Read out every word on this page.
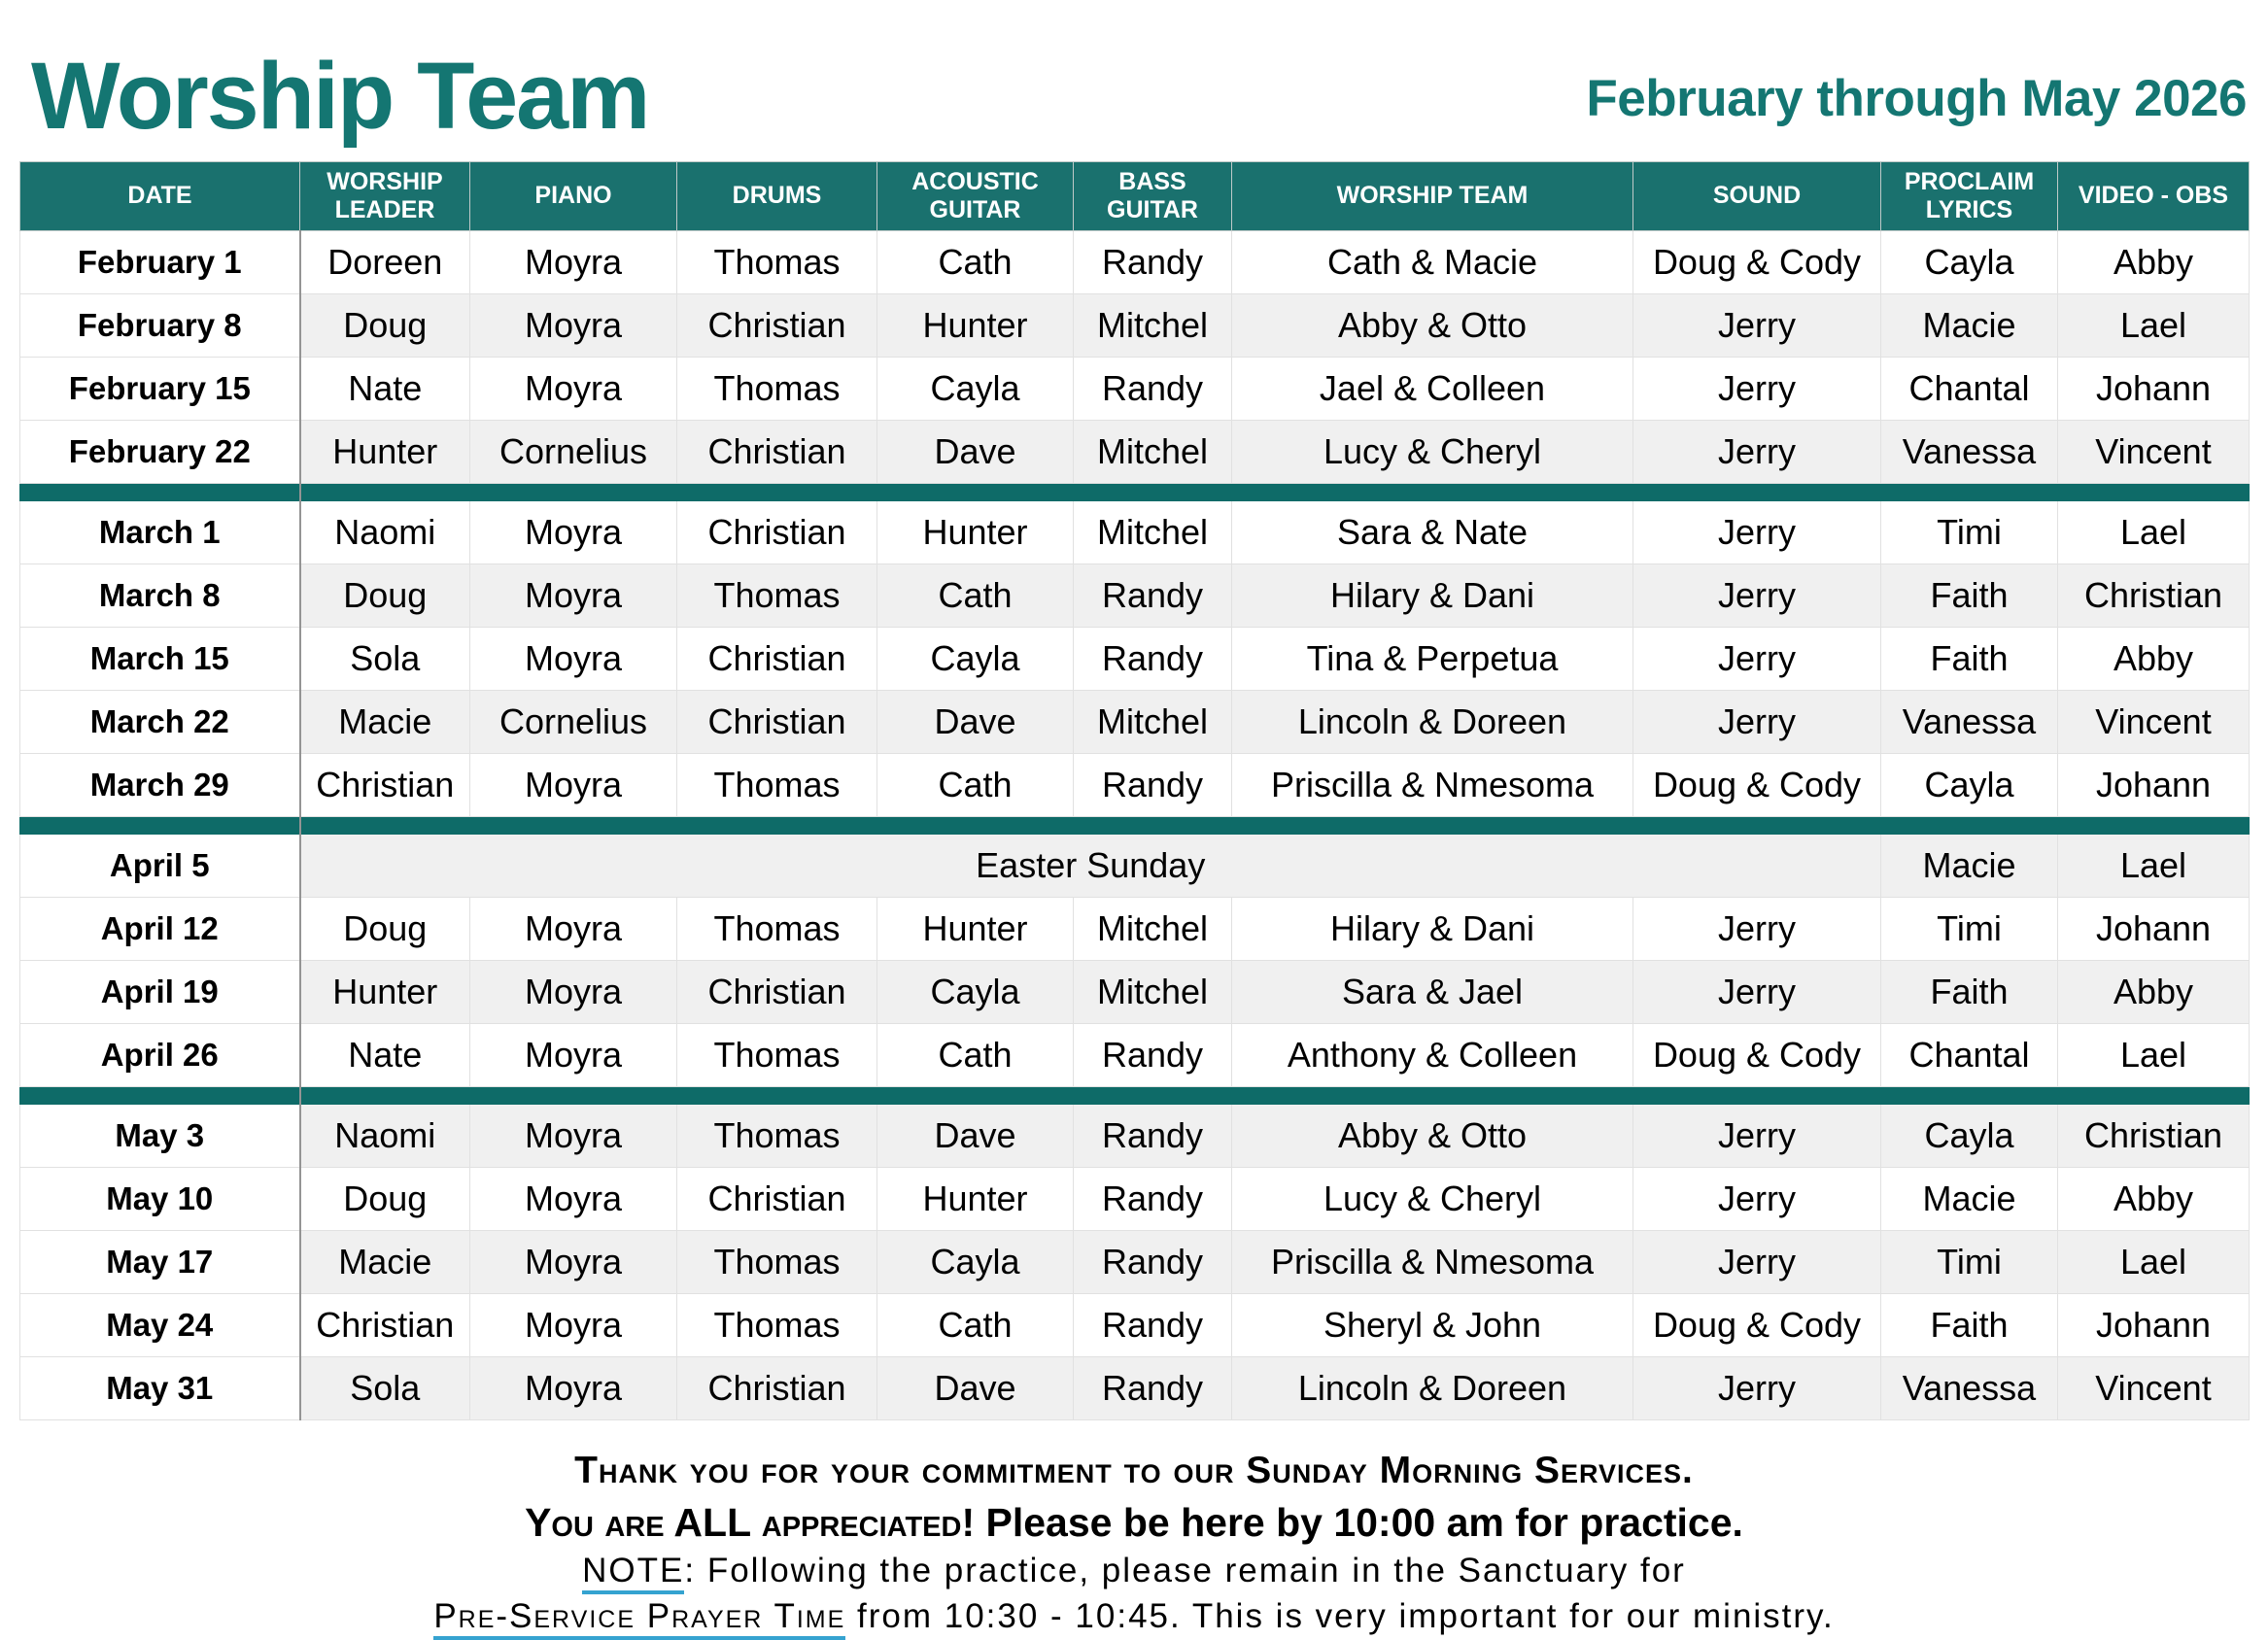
Worship Team	February through May 2026

DATE	WORSHIP LEADER	PIANO	DRUMS	ACOUSTIC GUITAR	BASS GUITAR	WORSHIP TEAM	SOUND	PROCLAIM LYRICS	VIDEO - OBS
February 1	Doreen	Moyra	Thomas	Cath	Randy	Cath & Macie	Doug & Cody	Cayla	Abby
February 8	Doug	Moyra	Christian	Hunter	Mitchel	Abby & Otto	Jerry	Macie	Lael
February 15	Nate	Moyra	Thomas	Cayla	Randy	Jael & Colleen	Jerry	Chantal	Johann
February 22	Hunter	Cornelius	Christian	Dave	Mitchel	Lucy & Cheryl	Jerry	Vanessa	Vincent

March 1	Naomi	Moyra	Christian	Hunter	Mitchel	Sara & Nate	Jerry	Timi	Lael
March 8	Doug	Moyra	Thomas	Cath	Randy	Hilary & Dani	Jerry	Faith	Christian
March 15	Sola	Moyra	Christian	Cayla	Randy	Tina & Perpetua	Jerry	Faith	Abby
March 22	Macie	Cornelius	Christian	Dave	Mitchel	Lincoln & Doreen	Jerry	Vanessa	Vincent
March 29	Christian	Moyra	Thomas	Cath	Randy	Priscilla & Nmesoma	Doug & Cody	Cayla	Johann

April 5	Easter Sunday							Macie	Lael
April 12	Doug	Moyra	Thomas	Hunter	Mitchel	Hilary & Dani	Jerry	Timi	Johann
April 19	Hunter	Moyra	Christian	Cayla	Mitchel	Sara & Jael	Jerry	Faith	Abby
April 26	Nate	Moyra	Thomas	Cath	Randy	Anthony & Colleen	Doug & Cody	Chantal	Lael

May 3	Naomi	Moyra	Thomas	Dave	Randy	Abby & Otto	Jerry	Cayla	Christian
May 10	Doug	Moyra	Christian	Hunter	Randy	Lucy & Cheryl	Jerry	Macie	Abby
May 17	Macie	Moyra	Thomas	Cayla	Randy	Priscilla & Nmesoma	Jerry	Timi	Lael
May 24	Christian	Moyra	Thomas	Cath	Randy	Sheryl & John	Doug & Cody	Faith	Johann
May 31	Sola	Moyra	Christian	Dave	Randy	Lincoln & Doreen	Jerry	Vanessa	Vincent

Thank you for your commitment to our Sunday Morning Services.

You are ALL appreciated! Please be here by 10:00 am for practice.

NOTE: Following the practice, please remain in the Sanctuary for

Pre-Service Prayer Time from 10:30 - 10:45. This is very important for our ministry.
